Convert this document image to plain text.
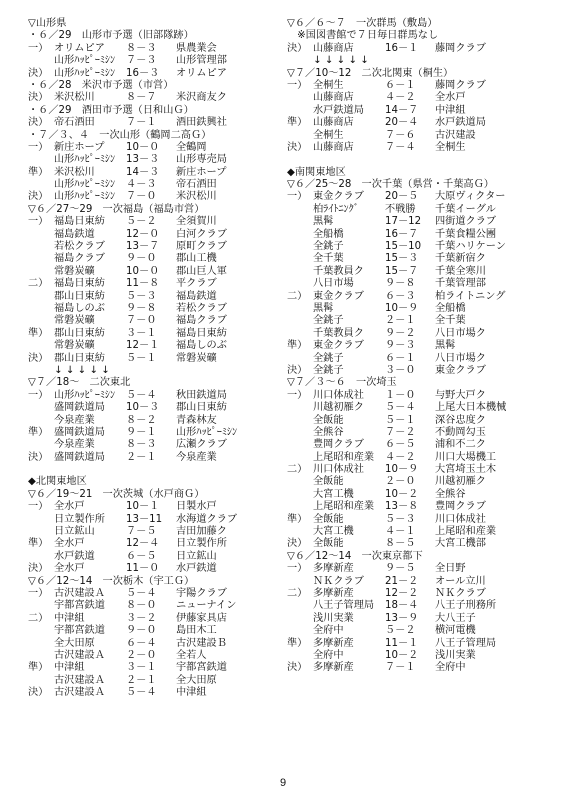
▽山形県
・６／29　山形市予選（旧部隊跡）
一） オリムピア ８－３ 県農業会
山形ﾊｯﾋﾟｰﾐｼﾝ ７－３ 山形管理部
決） 山形ﾊｯﾋﾟｰﾐｼﾝ 16－３ オリムピア
・６／28　米沢市予選（市営）
決） 米沢松川	８－７ 米沢商友ク
・６／29　酒田市予選（日和山Ｇ）
決） 帝石酒田	７－１ 酒田鉄興社
・７／３、４　一次山形（鶴岡二高Ｇ）
一） 新庄ホープ 10－０ 全鶴岡
山形ﾊｯﾋﾟｰﾐｼﾝ 13－３ 山形専売局
準） 米沢松川	14－３ 新庄ホープ
山形ﾊｯﾋﾟｰﾐｼﾝ ４－３ 帝石酒田
決） 山形ﾊｯﾋﾟｰﾐｼﾝ ７－０ 米沢松川
▽６／27～29　一次福島（福島市営）
一） 福島日東紡 ５－２ 全須賀川
福島鉄道	12－０ 白河クラブ
若松クラブ 13－７ 原町クラブ
福島クラブ ９－０ 郡山工機
常磐炭礦	10－０ 郡山巨人軍
二） 福島日東紡 11－８ 平クラブ
郡山日東紡 ５－３ 福島鉄道
福島しのぶ ９－８ 若松クラブ
常磐炭礦	７－０ 福島クラブ
準） 郡山日東紡 ３－１ 福島日東紡
常磐炭礦	12－１ 福島しのぶ
決） 郡山日東紡 ５－１ 常磐炭礦
↓ ↓ ↓ ↓ ↓
▽７／18～　二次東北
一） 山形ﾊｯﾋﾟｰﾐｼﾝ ５－４ 秋田鉄道局
盛岡鉄道局 10－３ 郡山日東紡
今泉産業	８－２ 青森林友
準） 盛岡鉄道局 ９－１ 山形ﾊｯﾋﾟｰﾐｼﾝ
今泉産業	８－３ 広瀬クラブ
決） 盛岡鉄道局 ２－１ 今泉産業
◆北関東地区
▽６／19～21　一次茨城（水戸商Ｇ）
一） 全水戸	10－１ 日製水戸
日立製作所 13－11 水海道クラブ
日立鉱山	７－５ 吉田加藤ク
準） 全水戸	12－４ 日立製作所
水戸鉄道	６－５ 日立鉱山
決） 全水戸	11－０ 水戸鉄道
▽６／12～14　一次栃木（宇工Ｇ）
一） 古沢建設Ａ ５－４ 宇陽クラブ
宇都宮鉄道 ８－０ ニューナイン
二） 中津組	３－２ 伊藤家具店
宇都宮鉄道 ９－０ 島田木工
全大田原	６－４ 古沢建設Ｂ
古沢建設Ａ ２－０ 全若人
準） 中津組	３－１ 宇都宮鉄道
古沢建設Ａ ２－１ 全大田原
決） 古沢建設Ａ ５－４ 中津組
▽６／６～７　一次群馬（敷島）
　※国図書館で７日毎日群馬なし
決） 山藤商店	16－１ 藤岡クラブ
↓ ↓ ↓ ↓ ↓
▽７／10～12　二次北関東（桐生）
一） 全桐生	６－１ 藤岡クラブ
山藤商店	４－２ 全水戸
水戸鉄道局 14－７ 中津組
準） 山藤商店	20－４ 水戸鉄道局
全桐生	７－６ 古沢建設
決） 山藤商店	７－４ 全桐生
◆南関東地区
▽６／25～28　一次千葉（県営・千葉高Ｇ）
一） 東金クラブ 20－５ 大原ヴィクター
柏ﾗｲﾄﾆﾝｸﾞ	不戦勝 千葉イーグル
黒髯	17－12 四街道クラブ
全船橋	16－７ 千葉食糧公團
全銚子	15－10 千葉ハリケーン
全千葉	15－３ 千葉新宿ク
千葉教員ク 15－７ 千葉全寒川
八日市場	９－８ 千葉管理部
二） 東金クラブ ６－３ 柏ライトニング
黒髯	10－９ 全船橋
全銚子	２－１ 全千葉
千葉教員ク ９－２ 八日市場ク
準） 東金クラブ ９－３ 黒髯
全銚子	６－１ 八日市場ク
決） 全銚子	３－０ 東金クラブ
▽７／３～６　一次埼玉
一） 川口体成社 １－０ 与野大戸ク
川越初雁ク ５－４ 上尾大日本機械
全飯能	５－１ 深谷忠度ク
全熊谷	７－２ 不動岡勾玉
豊岡クラブ ６－５ 浦和不二ク
上尾昭和産業 ４－２ 川口大場機工
二） 川口体成社 10－９ 大宮埼玉土木
全飯能	２－０ 川越初雁ク
大宮工機	10－２ 全熊谷
上尾昭和産業 13－８ 豊岡クラブ
準） 全飯能	５－３ 川口体成社
大宮工機	４－１ 上尾昭和産業
決） 全飯能	８－５ 大宮工機部
▽６／12～14　一次東京都下
一） 多摩新産	９－５ 全日野
ＮＫクラブ 21－２ オール立川
二） 多摩新産	12－２ ＮＫクラブ
八王子管理局 18－４ 八王子刑務所
浅川実業	13－９ 大八王子
全府中	５－２ 横河電機
準） 多摩新産	11－１ 八王子管理局
全府中	10－２ 浅川実業
決） 多摩新産	７－１ 全府中
9
